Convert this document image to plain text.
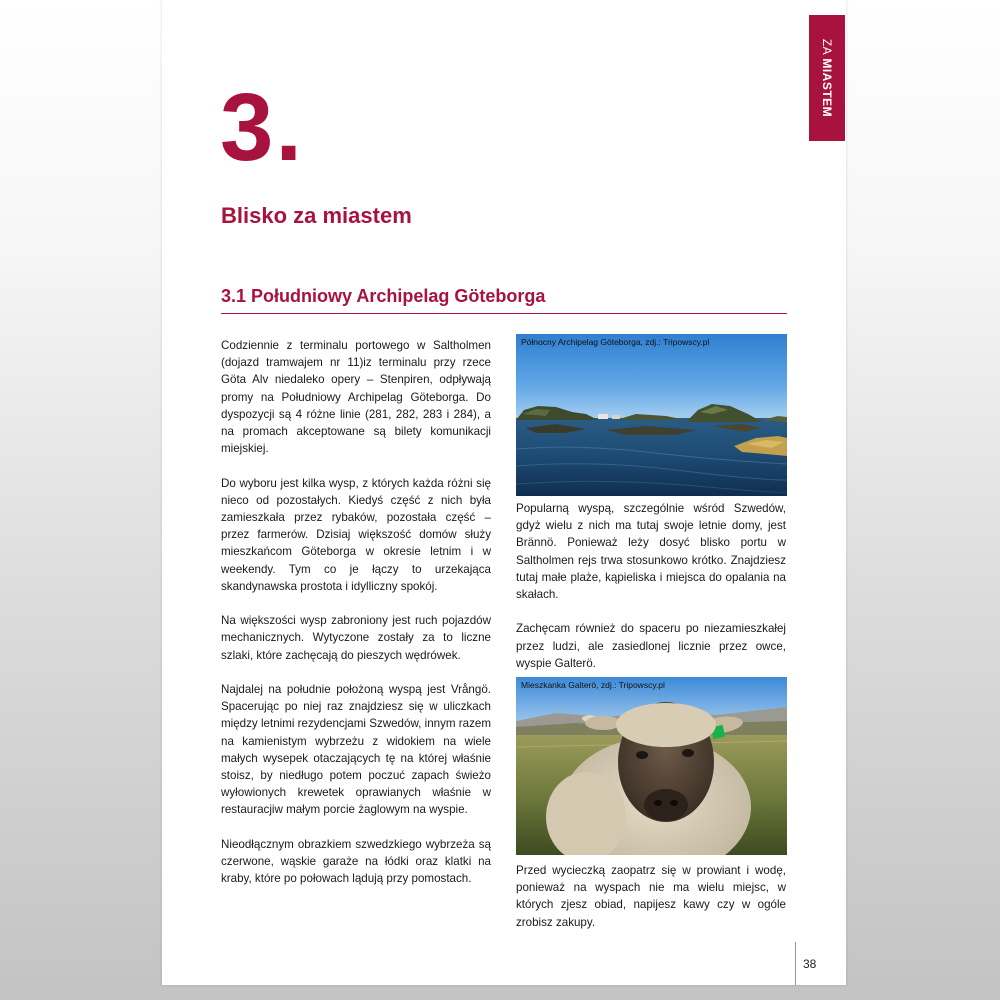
ZA MIASTEM
3.
Blisko za miastem
3.1 Południowy Archipelag Göteborga

Codziennie z terminalu portowego w Saltholmen (dojazd tramwajem nr 11)iz terminalu przy rzece Göta Alv niedaleko opery – Stenpiren, odpływają promy na Południowy Archipelag Göteborga. Do dyspozycji są 4 różne linie (281, 282, 283 i 284), a na promach akceptowane są bilety komunikacji miejskiej.

Do wyboru jest kilka wysp, z których każda różni się nieco od pozostałych. Kiedyś część z nich była zamieszkała przez rybaków, pozostała część – przez farmerów. Dzisiaj większość domów służy mieszkańcom Göteborga w okresie letnim i w weekendy. Tym co je łączy to urzekająca skandynawska prostota i idylliczny spokój.

Na większości wysp zabroniony jest ruch pojazdów mechanicznych. Wytyczone zostały za to liczne szlaki, które zachęcają do pieszych wędrówek.

Najdalej na południe położoną wyspą jest Vrångö. Spacerując po niej raz znajdziesz się w uliczkach między letnimi rezydencjami Szwedów, innym razem na kamienistym wybrzeżu z widokiem na wiele małych wysepek otaczających tę na której właśnie stoisz, by niedługo potem poczuć zapach świeżo wyłowionych krewetek oprawianych właśnie w restauracjiw małym porcie żaglowym na wyspie.

Nieodłącznym obrazkiem szwedzkiego wybrzeża są czerwone, wąskie garaże na łódki oraz klatki na kraby, które po połowach lądują przy pomostach.

Północny Archipelag Göteborga, zdj.: Tripowscy.pl

Popularną wyspą, szczególnie wśród Szwedów, gdyż wielu z nich ma tutaj swoje letnie domy, jest Brännö. Ponieważ leży dosyć blisko portu w Saltholmen rejs trwa stosunkowo krótko. Znajdziesz tutaj małe plaże, kąpieliska i miejsca do opalania na skałach.

Zachęcam również do spaceru po niezamieszkałej przez ludzi, ale zasiedlonej licznie przez owce, wyspie Galterö.

Mieszkanka Galterö, zdj.: Tripowscy.pl

Przed wycieczką zaopatrz się w prowiant i wodę, ponieważ na wyspach nie ma wielu miejsc, w których zjesz obiad, napijesz kawy czy w ogóle zrobisz zakupy.

38
